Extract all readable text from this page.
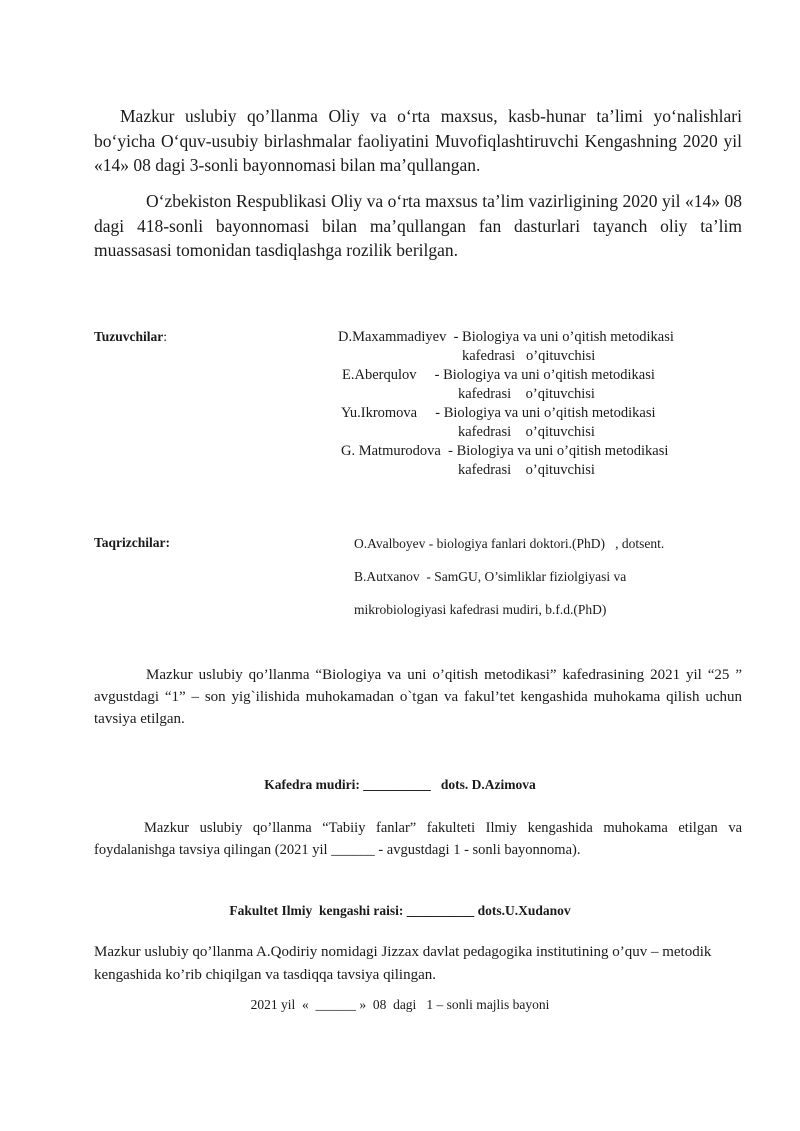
Mazkur uslubiy qo’llanma Oliy va o‘rta maxsus, kasb-hunar ta’limi yo‘nalishlari bo‘yicha O‘quv-usubiy birlashmalar faoliyatini Muvofiqlashtiruvchi Kengashning 2020 yil «14» 08 dagi 3-sonli bayonnomasi bilan ma’qullangan.

O‘zbekiston Respublikasi Oliy va o‘rta maxsus ta’lim vazirligining 2020 yil «14» 08 dagi 418-sonli bayonnomasi bilan ma’qullangan fan dasturlari tayanch oliy ta’lim muassasasi tomonidan tasdiqlashga rozilik berilgan.

Tuzuvchilar:	D.Maxammadiyev  - Biologiya va uni o’qitish metodikasi
kafedrasi   o’qituvchisi
E.Aberqulov     - Biologiya va uni o’qitish metodikasi
kafedrasi    o’qituvchisi
Yu.Ikromova     - Biologiya va uni o’qitish metodikasi
kafedrasi    o’qituvchisi
G. Matmurodova  - Biologiya va uni o’qitish metodikasi
kafedrasi    o’qituvchisi
Taqrizchilar:	O.Avalboyev - biologiya fanlari doktori.(PhD)   , dotsent.
B.Autxanov  - SamGU, O’simliklar fiziolgiyasi va
mikrobiologiyasi kafedrasi mudiri, b.f.d.(PhD)

Mazkur uslubiy qo’llanma “Biologiya va uni o’qitish metodikasi” kafedrasining 2021 yil “25 ” avgustdagi “1” – son yig`ilishida muhokamadan o`tgan va fakul’tet kengashida muhokama qilish uchun tavsiya etilgan.

Kafedra mudiri: __________   dots. D.Azimova

Mazkur uslubiy qo’llanma “Tabiiy fanlar” fakulteti Ilmiy kengashida muhokama etilgan va foydalanishga tavsiya qilingan (2021 yil ______ - avgustdagi 1 - sonli bayonnoma).

Fakultet Ilmiy  kengashi raisi: __________ dots.U.Xudanov

Mazkur uslubiy qo’llanma A.Qodiriy nomidagi Jizzax davlat pedagogika institutining o’quv – metodik kengashida ko’rib chiqilgan va tasdiqqa tavsiya qilingan.

2021 yil  «  ______ »  08  dagi   1 – sonli majlis bayoni
